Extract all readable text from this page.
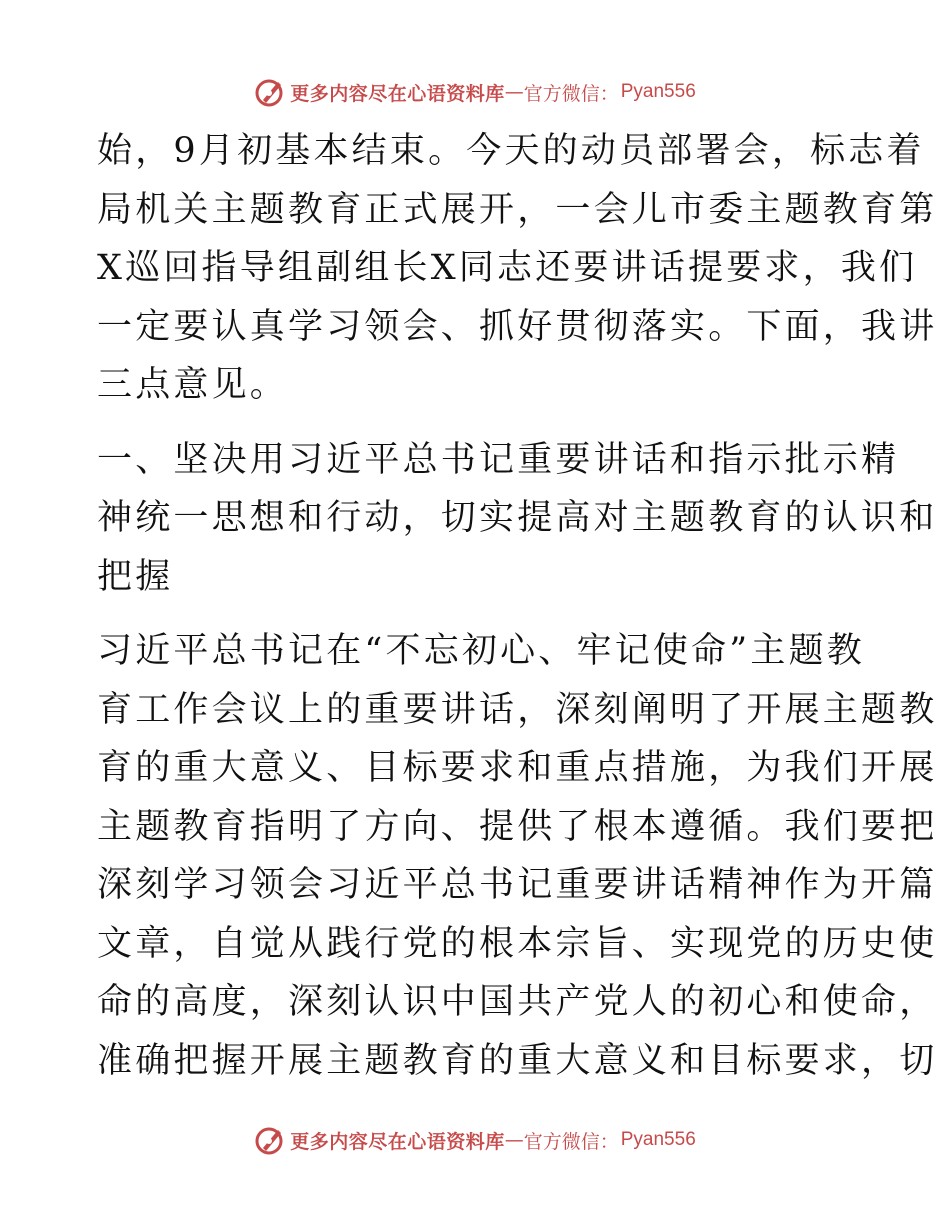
更多内容尽在心语资料库 — 官方微信： Pyan556
始，9月初基本结束。今天的动员部署会，标志着
局机关主题教育正式展开，一会儿市委主题教育第
X巡回指导组副组长X同志还要讲话提要求，我们
一定要认真学习领会、抓好贯彻落实。下面，我讲
三点意见。
一、坚决用习近平总书记重要讲话和指示批示精
神统一思想和行动，切实提高对主题教育的认识和
把握
习近平总书记在“不忘初心、牢记使命”主题教
育工作会议上的重要讲话，深刻阐明了开展主题教
育的重大意义、目标要求和重点措施，为我们开展
主题教育指明了方向、提供了根本遵循。我们要把
深刻学习领会习近平总书记重要讲话精神作为开篇
文章，自觉从践行党的根本宗旨、实现党的历史使
命的高度，深刻认识中国共产党人的初心和使命，
准确把握开展主题教育的重大意义和目标要求，切
更多内容尽在心语资料库 — 官方微信： Pyan556
